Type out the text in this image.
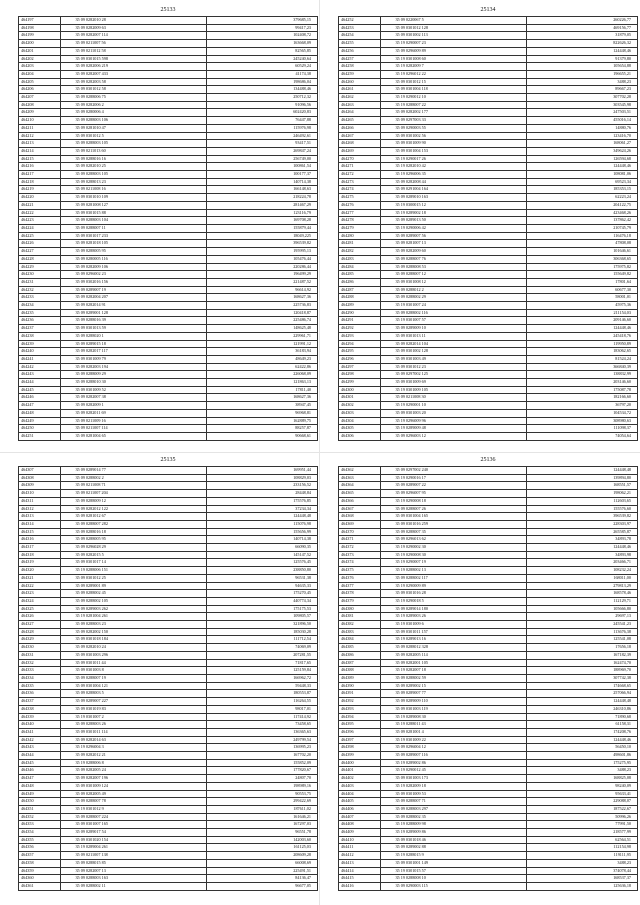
25133
464197	35 09 0282010 28	379685,15
464198	35 09 0282009 63	99417,23
464199	35 09 0282007 114	102408,72
464200	35 09 0211007 56	163668,09
464201	35 09 0211012 58	82565,85
464202	35 09 0301015 598	245240,64
464203	35 09 0282006 219	60529,24
464204	35 09 0282007 433	41174,38
464205	35 09 0282003 58	198686,04
464206	35 09 0301012 58	134488,46
464207	35 09 0288006 75	250712,32
464208	35 09 0282006 2	91096,56
464209	35 09 0280006 4	602420,83
464210	35 09 0288003 106	76447,88
464211	35 09 0281010 47	115976,98
464212	35 09 0301012 5	246492,61
464213	35 09 0288003 105	93417,51
464214	35 09 0211013 60	269847,24
464215	35 09 0288016 16	256749,00
464216	35 09 0282010 25	100861,54
464217	35 09 0288003 105	100177,37
464218	35 09 0288013 23	140714,38
464219	35 09 0211008 16	166148,63
464220	35 09 0301010 109	218224,78
464221	35 09 0281008 127	281467,29
464222	35 09 0301015 88	123116,79
464223	35 09 0288003 104	169708,28
464224	35 09 0288007 11	155879,44
464225	35 09 0301017 233	18049,225
464226	35 09 0281018 105	396539,82
464227	35 09 0288005 95	195995,13
464228	35 09 0280005 116	105476,44
464229	35 09 0282009 106	220286,44
464230	35 09 0296002 23	196499,29
464231	35 09 0302016 156	221487,52
464232	35 09 0289007 19	96614,92
464233	35 09 0282004 207	168627,36
464234	35 09 0282014 91	225736,83
464235	35 09 0289001 128	120418,87
464236	35 09 0288016 39	225486,74
464237	35 09 0301013 59	148625,48
464238	35 09 0288020 1	229961,71
464239	35 09 0289015 18	121991,12
464240	35 09 0282017 117	36183,94
464241	35 09 0301009 79	48649,23
464242	35 09 0282003 194	62422,86
464243	35 09 0288009 29	226068,09
464244	35 09 0288010 30	121863,13
464245	35 09 0301009 52	17811,40
464246	35 09 0282007 38	168627,36
464247	35 09 0282009 1	38947,45
464248	35 09 0282011 69	96968,81
464249	35 09 0211009 16	162889,75
464250	35 09 0211007 114	88257,87
464251	35 09 0281004 65	90668,61
25134
464252	35 09 0220067 5	260226,77
464253	35 09 0301012 128	469156,77
464254	35 09 0301002 113	31879,05
464255	35 19 0290007 23	822626,32
464256	35 09 0296009 89	124448,46
464257	35 19 0301008 60	91379,80
464258	35 19 0282009 7	105654,88
464259	35 19 0296012 22	196655,21
464260	35 09 0301012 15	3488,23
464261	35 09 0301004 118	89667,23
464262	35 19 0290012 10	307702,28
464263	35 19 0288007 22	303545,98
464264	35 09 0282002 177	247503,51
464265	35 09 0297003 33	455016,14
464266	35 09 0290003 55	14880,76
464267	35 09 0301002 56	123416,70
464268	35 09 0301009 90	168061,27
464269	35 09 0301004 153	349624,26
464270	35 19 0290017 26	126594,68
464271	35 19 0282010 42	124448,46
464272	35 19 0296006 35	108081,06
464273	35 09 0282008 44	69523,34
464274	35 09 0291004 164	185353,15
464275	35 09 0289010 163	62223,24
464276	35 19 0300015 12	204122,75
464277	35 19 0289002 18	423468,26
464278	35 09 0289013 50	137862,42
464279	35 19 0290006 42	210745,79
464280	35 09 0289007 56	116476,18
464281	35 09 0281007 13	47808,08
464282	35 09 0282009 60	101646,61
464283	35 09 0288007 76	306368,65
464284	35 09 0288008 53	175975,82
464285	35 09 0288007 12	155649,82
464286	35 09 0301008 12	17801,64
464287	35 09 0288012 2	60677,30
464288	35 09 0288002 29	58001,01
464289	35 19 0301007 24	45975,36
464290	35 09 0288002 116	211154,03
464291	35 19 0301007 57	209146,60
464292	35 09 0289009 10	124448,46
464293	35 09 0301013 11	245418,76
464294	35 09 0282014 104	119950,89
464295	35 09 0301002 128	183062,65
464296	35 09 0301003 49	81524,24
464297	35 09 0301012 23	366840,39
464298	35 09 0297002 125	138832,99
464299	35 09 0301009 69	203146,60
464300	35 19 0301009 105	175087,78
464301	35 09 0211008 30	182166,60
464302	35 19 0290001 10	36797,20
464303	35 09 0301003 20	104534,72
464304	35 19 0296009 96	308980,63
464305	35 19 0289009 48	111098,37
464306	35 09 0296003 12	74054,64
25135
464307	35 09 0289014 77	169951,44
464308	35 09 0288002 2	108829,03
464309	35 09 0211008 71	233156,52
464310	35 09 0211007 204	28448,84
464311	35 09 0288009 12	175576,85
464312	35 09 0282012 122	37234,34
464313	35 09 0281012 67	124448,48
464314	35 09 0288007 282	115076,98
464315	35 09 0288016 18	155656,99
464316	35 09 0288005 95	140714,38
464317	35 09 0296028 29	66090,35
464318	35 09 0282015 5	145147,52
464319	35 09 0301017 14	125576,45
464320	35 19 0288006 151	238850,80
464321	35 09 0301012 25	96531,38
464322	35 09 0289001 89	94635,33
464323	35 09 0288002 45	175270,45
464324	35 09 0288002 105	440774,34
464325	35 09 0289003 262	175175,53
464326	35 19 0281004 261	109805,57
464327	35 09 0288003 23	321896,50
464328	35 09 0282002 150	185030,28
464329	35 09 0301018 184	111712,54
464330	35 09 0282010 24	74069,09
464331	35 09 0301003 296	207281,55
464332	35 09 0301011 44	71817,65
464333	35 09 0301003 8	125159,84
464334	35 09 0288007 19	166962,72
464335	35 09 0301004 121	59448,33
464336	35 09 0288003 5	180553,87
464337	35 09 0289007 227	116264,55
464338	35 09 0301019 83	98017,01
464339	35 19 0301007 2	117414,92
464340	35 09 0288003 26	73458,65
464341	35 09 0301011 114	136365,63
464342	35 09 0282014 63	249799,54
464343	35 19 0296004 3	136995,23
464344	35 09 0282012 21	167702,20
464345	35 19 0288006 8	155852,09
464346	35 09 0282005 24	177820,67
464347	35 09 0282007 196	24807,70
464348	35 09 0301009 124	198989,16
464349	35 09 0282005 49	90553,75
464350	35 09 0288007 78	299422,69
464351	35 19 0301012 9	187611,02
464352	35 09 0288007 224	161646,21
464353	35 09 0301007 165	167297,03
464354	35 09 0289017 54	96551,78
464355	35 09 0301020 154	142003,60
464356	35 19 0289004 261	161125,03
464357	35 09 0211007 138	208609,28
464358	35 09 0288015 85	66008,69
464359	35 09 0282007 13	225491,51
464360	35 09 0288003 163	84136,47
464361	35 09 0288002 11	96677,05
25136
464362	35 09 0297002 240	124448,48
464363	35 19 0290016 17	139894,80
464364	35 09 0289007 22	168551,57
464365	35 09 0296007 95	198062,21
464366	35 19 0290008 18	112603,65
464367	35 09 0288007 26	155576,60
464368	35 09 0301004 165	396539,82
464369	35 09 0301016 259	228303,97
464370	35 09 0288007 35	265585,87
464371	35 09 0296013 62	34893,78
464372	35 19 0290002 30	124448,46
464373	35 19 0290008 30	34893,98
464374	35 19 0290007 19	203466,71
464375	35 19 0288002 13	108232,24
464376	35 09 0288002 117	168011,00
464377	35 19 0290009 89	279813,29
464378	35 09 0301016 28	168578,46
464379	35 19 0290018 5	112129,71
464380	35 09 0289014 180	105666,80
464381	35 19 0289003 26	29697,13
464382	35 19 0301009 6	245541,23
464383	35 09 0301011 157	113676,38
464384	35 19 0289013 16	125541,08
464385	35 09 0288012 328	17656,18
464386	35 09 0282005 114	167182,39
464387	35 09 0282001 105	162474,70
464388	35 19 0282007 18	188969,70
464389	35 09 0288002 59	307742,38
464390	35 09 0289002 15	174668,65
464391	35 09 0289007 77	257066,94
464392	35 09 0289009 110	124448,48
464393	35 09 0301003 119	246310,86
464394	35 19 0289008 30	71890,68
464395	35 19 0288011 43	61158,31
464396	35 09 0281001 4	174208,76
464397	35 19 0301009 22	124448,46
464398	35 09 0296004 12	56450,10
464399	35 09 0289007 116	498601,86
464400	35 19 0289002 86	175275,95
464401	35 19 0290012 45	3488,23
464402	35 09 0301003 173	168825,08
464403	35 19 0282009 18	98240,09
464404	35 09 0301009 53	95633,41
464405	35 09 0288007 71	229088,07
464406	35 09 0288003 297	187522,67
464407	35 09 0288002 35	50996,26
464408	35 19 0288009 98	77991,50
464409	35 19 0289009 86	218577,99
464410	35 09 0301018 46	62564,51
464411	35 09 0289002 88	112154,98
464412	35 19 0288015 9	119111,95
464413	35 09 0301001 149	3488,23
464414	35 19 0301015 57	374078,44
464415	35 19 0288008 10	168537,37
464416	35 09 0290003 115	125636,18
